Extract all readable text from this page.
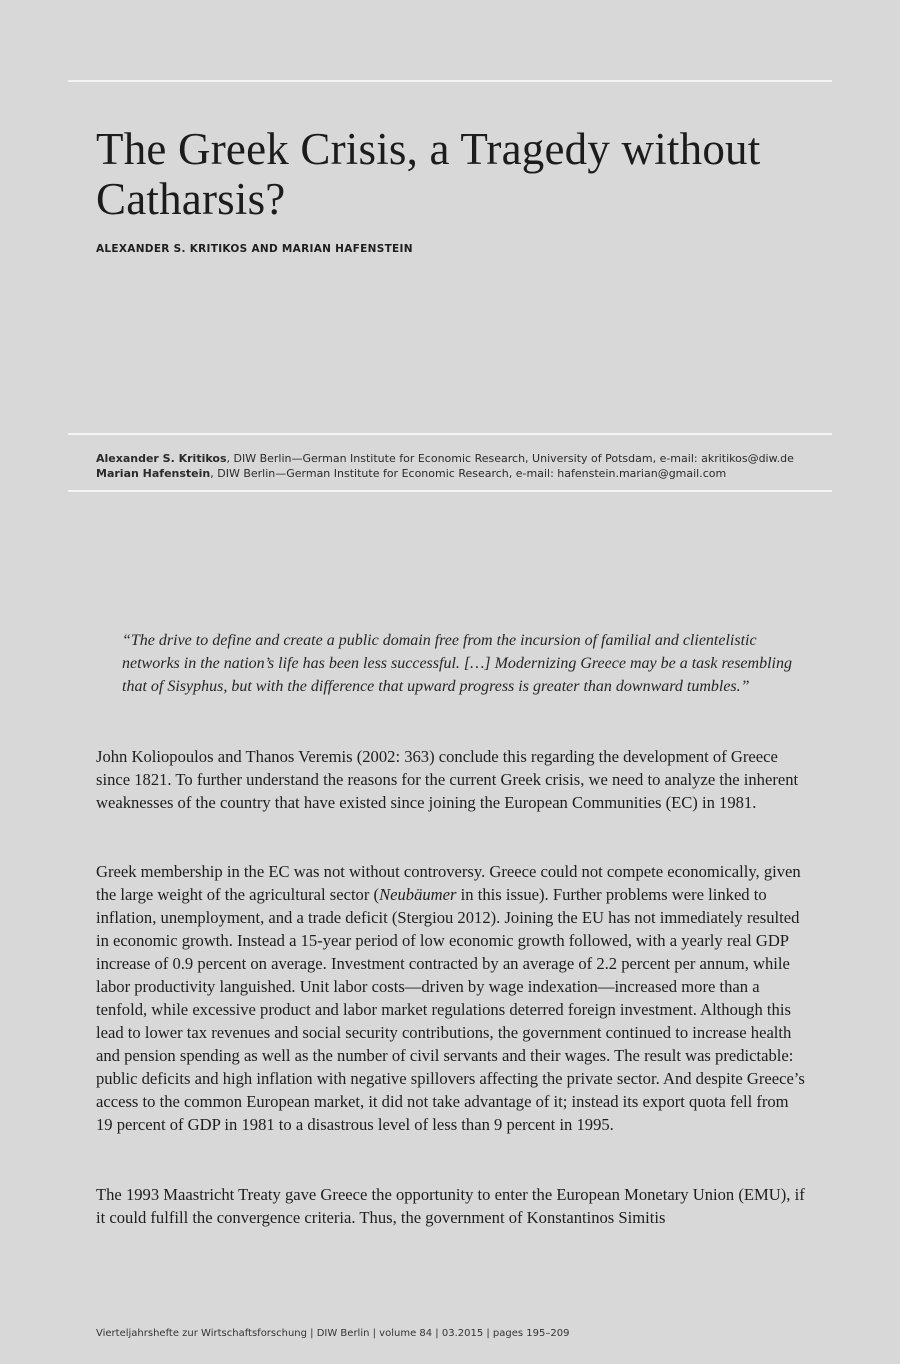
The Greek Crisis, a Tragedy without Catharsis?
ALEXANDER S. KRITIKOS AND MARIAN HAFENSTEIN
Alexander S. Kritikos, DIW Berlin—German Institute for Economic Research, University of Potsdam, e-mail: akritikos@diw.de
Marian Hafenstein, DIW Berlin—German Institute for Economic Research, e-mail: hafenstein.marian@gmail.com
“The drive to define and create a public domain free from the incursion of familial and clientelistic networks in the nation’s life has been less successful. […] Modernizing Greece may be a task resembling that of Sisyphus, but with the difference that upward progress is greater than downward tumbles.”

John Koliopoulos and Thanos Veremis (2002: 363) conclude this regarding the development of Greece since 1821. To further understand the reasons for the current Greek crisis, we need to analyze the inherent weaknesses of the country that have existed since joining the European Communities (EC) in 1981.

Greek membership in the EC was not without controversy. Greece could not compete economically, given the large weight of the agricultural sector (Neubäumer in this issue). Further problems were linked to inflation, unemployment, and a trade deficit (Stergiou 2012). Joining the EU has not immediately resulted in economic growth. Instead a 15-year period of low economic growth followed, with a yearly real GDP increase of 0.9 percent on average. Investment contracted by an average of 2.2 percent per annum, while labor productivity languished. Unit labor costs—driven by wage indexation—increased more than a tenfold, while excessive product and labor market regulations deterred foreign investment. Although this lead to lower tax revenues and social security contributions, the government continued to increase health and pension spending as well as the number of civil servants and their wages. The result was predictable: public deficits and high inflation with negative spillovers affecting the private sector. And despite Greece’s access to the common European market, it did not take advantage of it; instead its export quota fell from 19 percent of GDP in 1981 to a disastrous level of less than 9 percent in 1995.

The 1993 Maastricht Treaty gave Greece the opportunity to enter the European Monetary Union (EMU), if it could fulfill the convergence criteria. Thus, the government of Konstantinos Simitis

Vierteljahrshefte zur Wirtschaftsforschung | DIW Berlin | volume 84 | 03.2015 | pages 195–209
